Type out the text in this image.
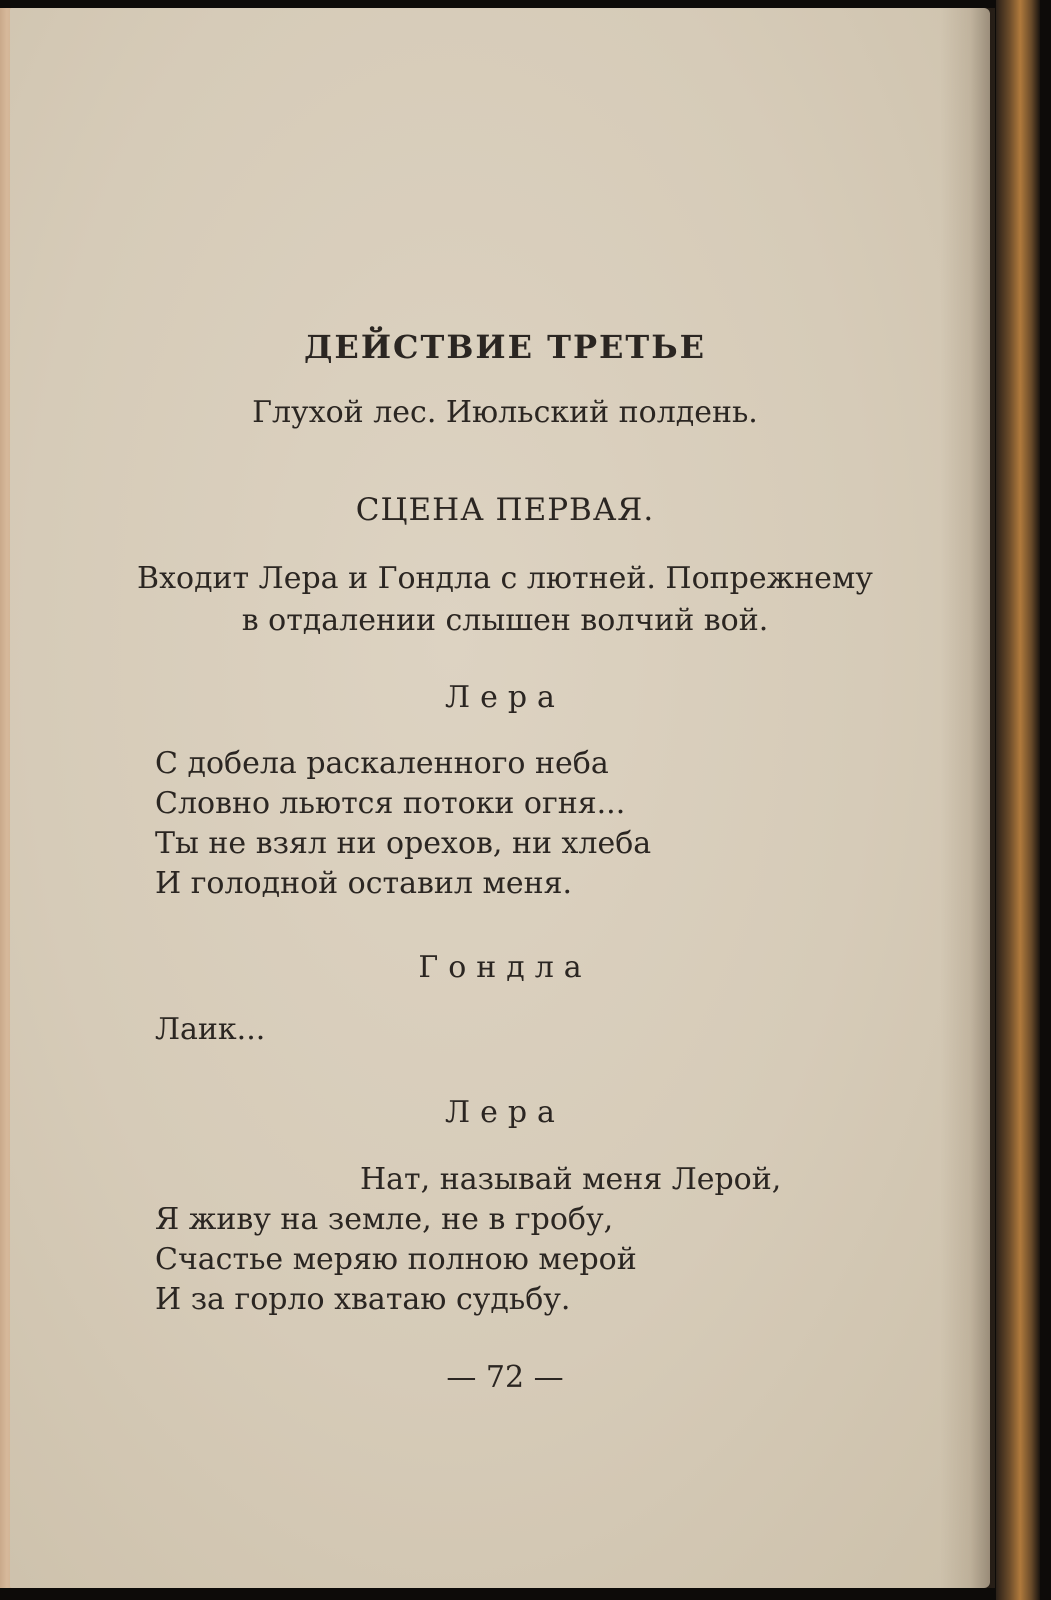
ДЕЙСТВИЕ ТРЕТЬЕ
Глухой лес. Июльский полдень.
СЦЕНА ПЕРВАЯ.
Входит Лера и Гондла с лютней. Попрежнему
в отдалении слышен волчий вой.
Лера
С добела раскаленного неба
Словно льются потоки огня...
Ты не взял ни орехов, ни хлеба
И голодной оставил меня.
Гондла
Лаик...
Лера
Нат, называй меня Лерой,
Я живу на земле, не в гробу,
Счастье меряю полною мерой
И за горло хватаю судьбу.
— 72 —
